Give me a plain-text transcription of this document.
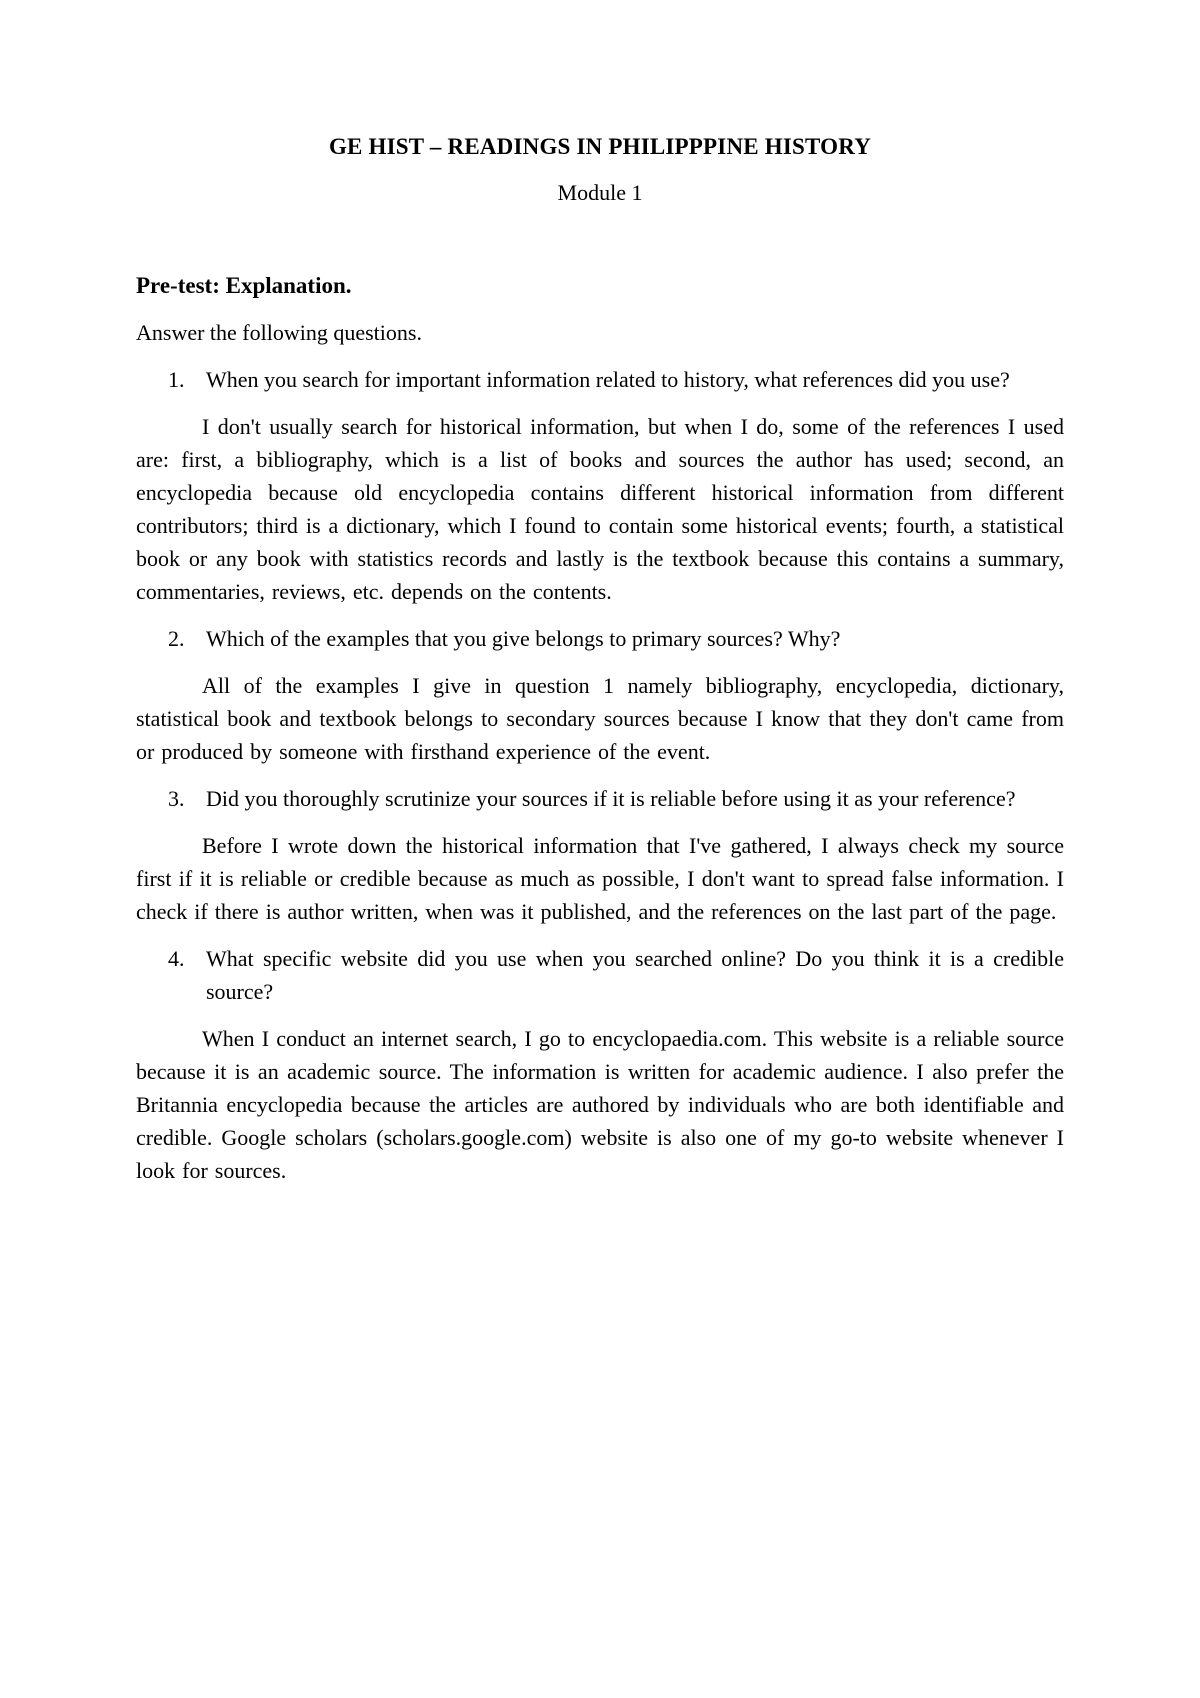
GE HIST – READINGS IN PHILIPPPINE HISTORY
Module 1
Pre-test: Explanation.
Answer the following questions.
1. When you search for important information related to history, what references did you use?

I don't usually search for historical information, but when I do, some of the references I used are: first, a bibliography, which is a list of books and sources the author has used; second, an encyclopedia because old encyclopedia contains different historical information from different contributors; third is a dictionary, which I found to contain some historical events; fourth, a statistical book or any book with statistics records and lastly is the textbook because this contains a summary, commentaries, reviews, etc. depends on the contents.

2. Which of the examples that you give belongs to primary sources? Why?

All of the examples I give in question 1 namely bibliography, encyclopedia, dictionary, statistical book and textbook belongs to secondary sources because I know that they don't came from or produced by someone with firsthand experience of the event.

3. Did you thoroughly scrutinize your sources if it is reliable before using it as your reference?

Before I wrote down the historical information that I've gathered, I always check my source first if it is reliable or credible because as much as possible, I don't want to spread false information. I check if there is author written, when was it published, and the references on the last part of the page.

4. What specific website did you use when you searched online? Do you think it is a credible source?

When I conduct an internet search, I go to encyclopaedia.com. This website is a reliable source because it is an academic source. The information is written for academic audience. I also prefer the Britannia encyclopedia because the articles are authored by individuals who are both identifiable and credible. Google scholars (scholars.google.com) website is also one of my go-to website whenever I look for sources.
